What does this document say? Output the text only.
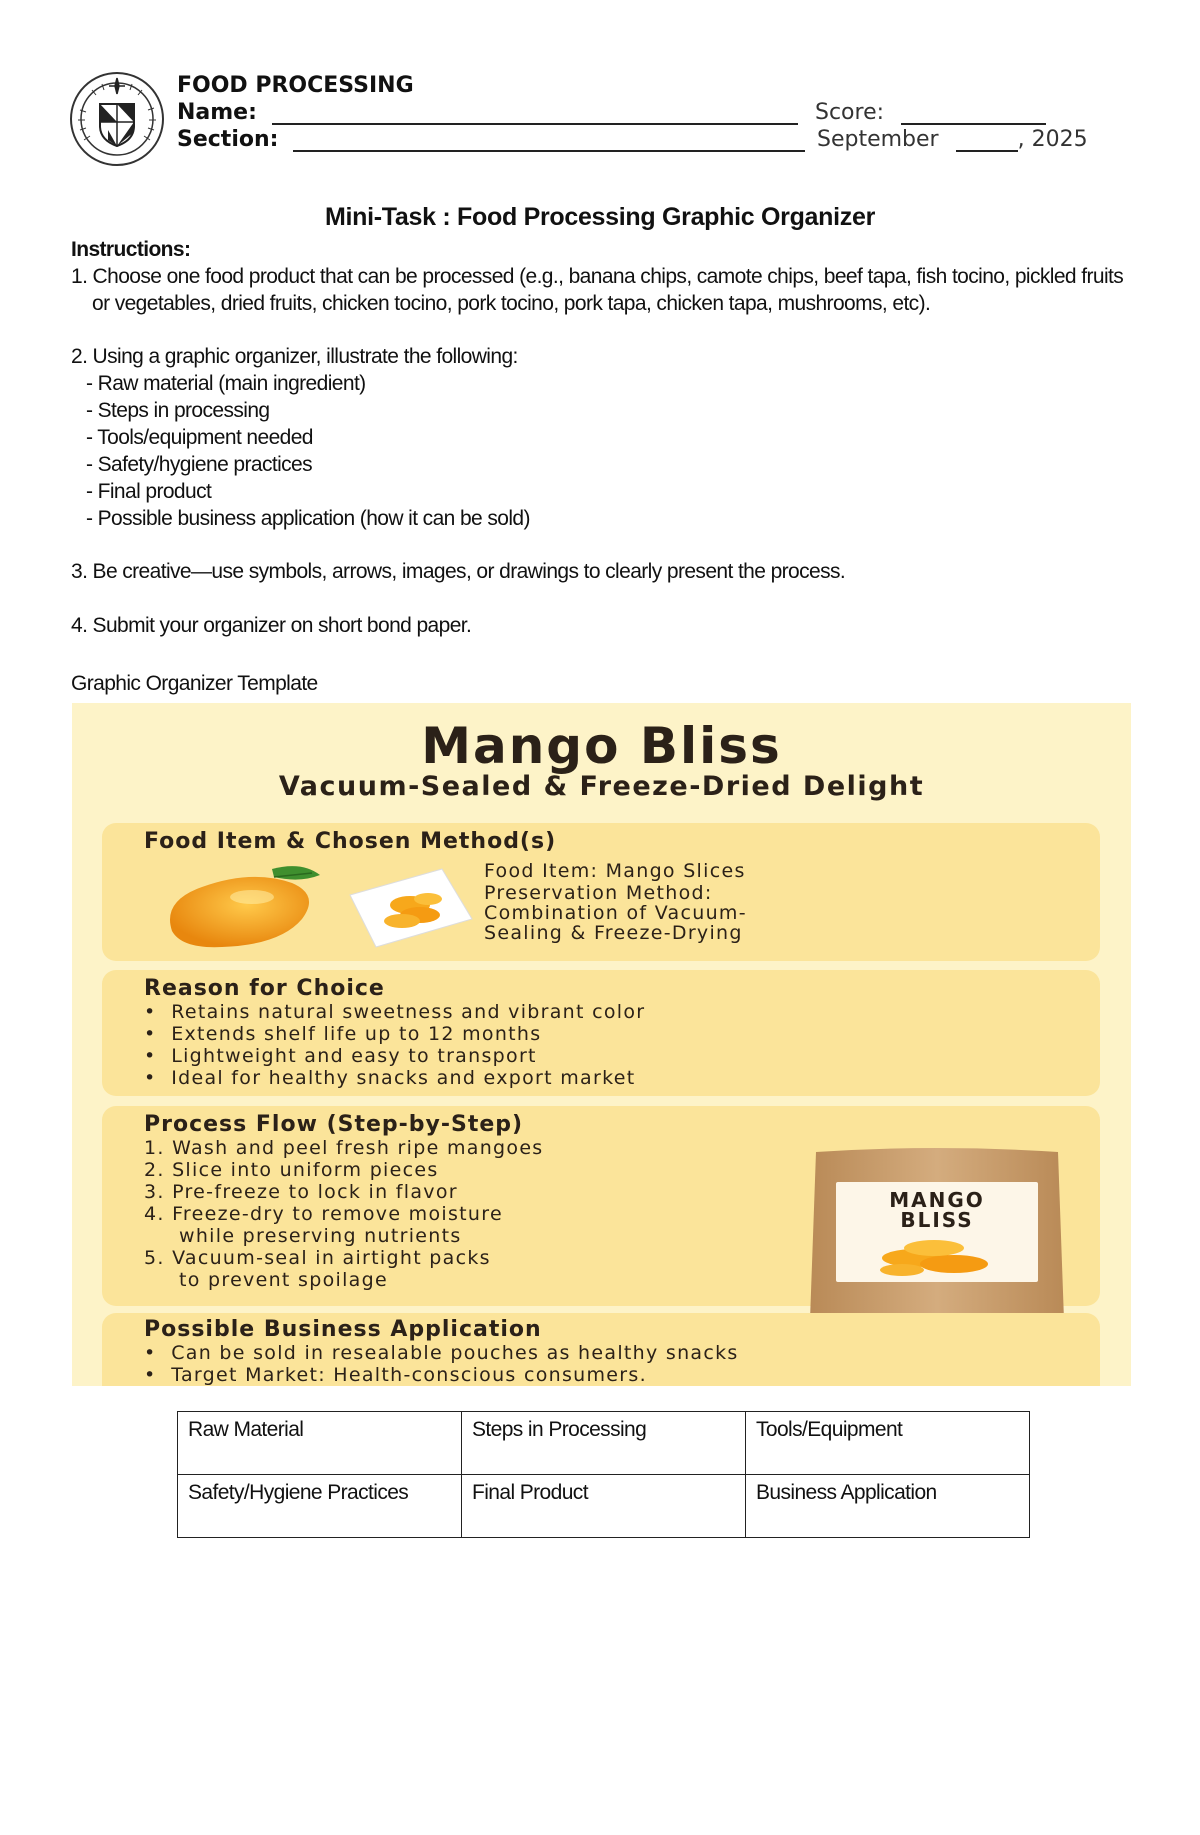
FOOD PROCESSING
Name:
Section:
Score:
September	, 2025
Mini-Task : Food Processing Graphic Organizer
Instructions:
1. Choose one food product that can be processed (e.g., banana chips, camote chips, beef tapa, fish tocino, pickled fruits
or vegetables, dried fruits, chicken tocino, pork tocino, pork tapa, chicken tapa, mushrooms, etc).
2. Using a graphic organizer, illustrate the following:
- Raw material (main ingredient)
- Steps in processing
- Tools/equipment needed
- Safety/hygiene practices
- Final product
- Possible business application (how it can be sold)
3. Be creative—use symbols, arrows, images, or drawings to clearly present the process.
4. Submit your organizer on short bond paper.
Graphic Organizer Template
Mango Bliss
Vacuum-Sealed & Freeze-Dried Delight
Food Item & Chosen Method(s)
Food Item: Mango Slices
Preservation Method:
Combination of Vacuum-
Sealing & Freeze-Drying
Reason for Choice
•  Retains natural sweetness and vibrant color
•  Extends shelf life up to 12 months
•  Lightweight and easy to transport
•  Ideal for healthy snacks and export market
Process Flow (Step-by-Step)
1. Wash and peel fresh ripe mangoes
2. Slice into uniform pieces
3. Pre-freeze to lock in flavor
4. Freeze-dry to remove moisture
while preserving nutrients
5. Vacuum-seal in airtight packs
to prevent spoilage
MANGO
BLISS
Possible Business Application
•  Can be sold in resealable pouches as healthy snacks
•  Target Market: Health-conscious consumers.
Raw Material	Steps in Processing	Tools/Equipment
Safety/Hygiene Practices	Final Product	Business Application
